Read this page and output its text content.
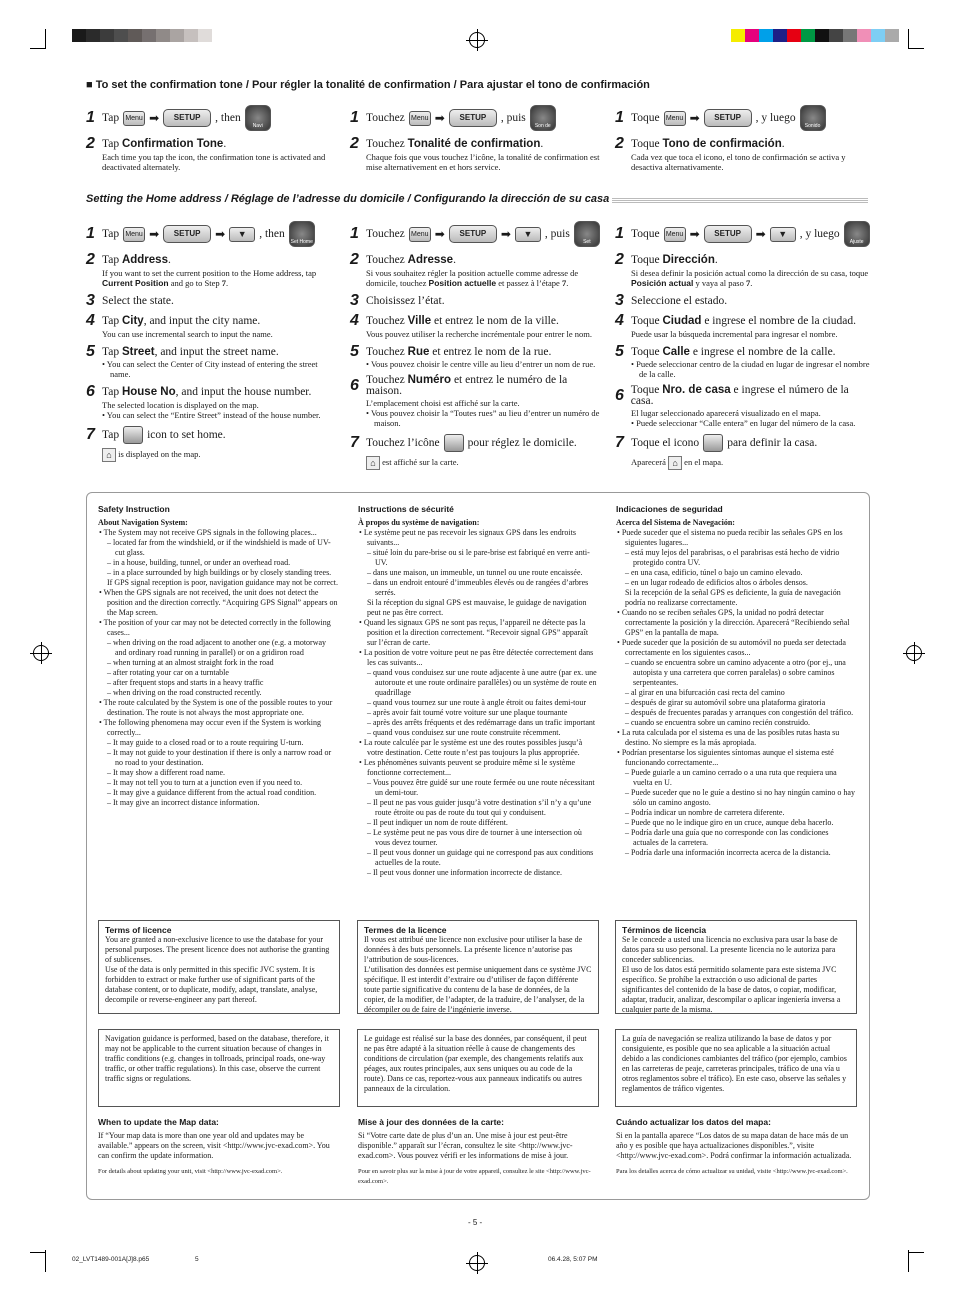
■ To set the confirmation tone / Pour régler la tonalité de confirmation / Para ajustar el tono de confirmación
1 Tap Menu ➡	SETUP	, then
Navi Sound
2 Tap Confirmation Tone.
Each time you tap the icon, the confirmation tone is activated and deactivated alternately.
1 Touchez Menu ➡	SETUP	, puis
Son de navigation
2 Touchez Tonalité de confirmation.
Chaque fois que vous touchez l’icône, la tonalité de confirmation est mise alternativement en et hors service.
1 Toque Menu ➡	SETUP	, y luego
Sonido Navi
2 Toque Tono de confirmación.
Cada vez que toca el icono, el tono de confirmación se activa y desactiva alternativamente.
Setting the Home address / Réglage de l’adresse du domicile / Configurando la dirección de su casa
1 Tap Menu ➡	SETUP	➡	▼	, then
Set Home
2 Tap Address.
If you want to set the current position to the Home address, tap Current Position and go to Step 7.
3 Select the state.
4 Tap City, and input the city name.
You can use incremental search to input the name.
5 Tap Street, and input the street name.
• You can select the Center of City instead of entering the street name.
6 Tap House No, and input the house number.
The selected location is displayed on the map.
• You can select the “Entire Street” instead of the house number.
7 Tap icon to set home.
⌂ is displayed on the map.
1 Touchez Menu ➡	SETUP	➡	▼	, puis
Set domicile
2 Touchez Adresse.
Si vous souhaitez régler la position actuelle comme adresse de domicile, touchez Position actuelle et passez à l’étape 7.
3 Choisissez l’état.
4 Touchez Ville et entrez le nom de la ville.
Vous pouvez utiliser la recherche incrémentale pour entrer le nom.
5 Touchez Rue et entrez le nom de la rue.
• Vous pouvez choisir le centre ville au lieu d’entrer un nom de rue.
6 Touchez Numéro et entrez le numéro de la maison.
L’emplacement choisi est affiché sur la carte.
• Vous pouvez choisir la “Toutes rues” au lieu d’entrer un numéro de maison.
7 Touchez l’icône pour réglez le domicile.
⌂ est affiché sur la carte.
1 Toque Menu ➡	SETUP	➡	▼	, y luego
Ajuste inicio
2 Toque Dirección.
Si desea definir la posición actual como la dirección de su casa, toque Posición actual y vaya al paso 7.
3 Seleccione el estado.
4 Toque Ciudad e ingrese el nombre de la ciudad.
Puede usar la búsqueda incremental para ingresar el nombre.
5 Toque Calle e ingrese el nombre de la calle.
• Puede seleccionar centro de la ciudad en lugar de ingresar el nombre de la calle.
6 Toque Nro. de casa e ingrese el número de la casa.
El lugar seleccionado aparecerá visualizado en el mapa.
• Puede seleccionar “Calle entera” en lugar del número de la casa.
7 Toque el icono para definir la casa.
Aparecerá ⌂ en el mapa.
Safety Instruction
About Navigation System:
• The System may not receive GPS signals in the following places...
– located far from the windshield, or if the windshield is made of UV-cut glass.
– in a house, building, tunnel, or under an overhead road.
– in a place surrounded by high buildings or by closely standing trees.
If GPS signal reception is poor, navigation guidance may not be correct.
• When the GPS signals are not received, the unit does not detect the position and the direction correctly. “Acquiring GPS Signal” appears on the Map screen.
• The position of your car may not be detected correctly in the following cases...
– when driving on the road adjacent to another one (e.g. a motorway and ordinary road running in parallel) or on a gridiron road
– when turning at an almost straight fork in the road
– after rotating your car on a turntable
– after frequent stops and starts in a heavy traffic
– when driving on the road constructed recently.
• The route calculated by the System is one of the possible routes to your destination. The route is not always the most appropriate one.
• The following phenomena may occur even if the System is working correctly...
– It may guide to a closed road or to a route requiring U-turn.
– It may not guide to your destination if there is only a narrow road or no road to your destination.
– It may show a different road name.
– It may not tell you to turn at a junction even if you need to.
– It may give a guidance different from the actual road condition.
– It may give an incorrect distance information.
Instructions de sécurité
À propos du système de navigation:
• Le système peut ne pas recevoir les signaux GPS dans les endroits suivants...
– situé loin du pare-brise ou si le pare-brise est fabriqué en verre anti-UV.
– dans une maison, un immeuble, un tunnel ou une route encaissée.
– dans un endroit entouré d’immeubles élevés ou de rangées d’arbres serrés.
Si la réception du signal GPS est mauvaise, le guidage de navigation peut ne pas être correct.
• Quand les signaux GPS ne sont pas reçus, l’appareil ne détecte pas la position et la direction correctement. “Recevoir signal GPS” apparaît sur l’écran de carte.
• La position de votre voiture peut ne pas être détectée correctement dans les cas suivants...
– quand vous conduisez sur une route adjacente à une autre (par ex. une autoroute et une route ordinaire parallèles) ou un système de route en quadrillage
– quand vous tournez sur une route à angle étroit ou faites demi-tour
– après avoir fait tourné votre voiture sur une plaque tournante
– après des arrêts fréquents et des redémarrage dans un trafic important
– quand vous conduisez sur une route construite récemment.
• La route calculée par le système est une des routes possibles jusqu’à votre destination. Cette route n’est pas toujours la plus appropriée.
• Les phénomènes suivants peuvent se produire même si le système fonctionne correctement...
– Vous pouvez être guidé sur une route fermée ou une route nécessitant un demi-tour.
– Il peut ne pas vous guider jusqu’à votre destination s’il n’y a qu’une route étroite ou pas de route du tout qui y conduisent.
– Il peut indiquer un nom de route différent.
– Le système peut ne pas vous dire de tourner à une intersection où vous devez tourner.
– Il peut vous donner un guidage qui ne correspond pas aux conditions actuelles de la route.
– Il peut vous donner une information incorrecte de distance.
Indicaciones de seguridad
Acerca del Sistema de Navegación:
• Puede suceder que el sistema no pueda recibir las señales GPS en los siguientes lugares...
– está muy lejos del parabrisas, o el parabrisas está hecho de vidrio protegido contra UV.
– en una casa, edificio, túnel o bajo un camino elevado.
– en un lugar rodeado de edificios altos o árboles densos.
Si la recepción de la señal GPS es deficiente, la guía de navegación podría no realizarse correctamente.
• Cuando no se reciben señales GPS, la unidad no podrá detectar correctamente la posición y la dirección. Aparecerá “Recibiendo señal GPS” en la pantalla de mapa.
• Puede suceder que la posición de su automóvil no pueda ser detectada correctamente en los siguientes casos...
– cuando se encuentra sobre un camino adyacente a otro (por ej., una autopista y una carretera que corren paralelas) o sobre caminos serpenteantes.
– al girar en una bifurcación casi recta del camino
– después de girar su automóvil sobre una plataforma giratoria
– después de frecuentes paradas y arranques con congestión del tráfico.
– cuando se encuentra sobre un camino recién construido.
• La ruta calculada por el sistema es una de las posibles rutas hasta su destino. No siempre es la más apropiada.
• Podrían presentarse los siguientes síntomas aunque el sistema esté funcionando correctamente...
– Puede guiarle a un camino cerrado o a una ruta que requiera una vuelta en U.
– Puede suceder que no le guíe a destino si no hay ningún camino o hay sólo un camino angosto.
– Podría indicar un nombre de carretera diferente.
– Puede que no le indique giro en un cruce, aunque deba hacerlo.
– Podría darle una guía que no corresponde con las condiciones actuales de la carretera.
– Podría darle una información incorrecta acerca de la distancia.
Terms of licence
You are granted a non-exclusive licence to use the database for your personal purposes. The present licence does not authorise the granting of sublicenses.
Use of the data is only permitted in this specific JVC system. It is forbidden to extract or make further use of significant parts of the database content, or to duplicate, modify, adapt, translate, analyse, decompile or reverse-engineer any part thereof.
Termes de la licence
Il vous est attribué une licence non exclusive pour utiliser la base de données à des buts personnels. La présente licence n’autorise pas l’attribution de sous-licences.
L’utilisation des données est permise uniquement dans ce système JVC spécifique. Il est interdit d’extraire ou d’utiliser de façon différente toute partie significative du contenu de la base de données, de la copier, de la modifier, de l’adapter, de la traduire, de l’analyser, de la décompiler ou de faire de l’ingénierie inverse.
Términos de licencia
Se le concede a usted una licencia no exclusiva para usar la base de datos para su uso personal. La presente licencia no le autoriza para conceder sublicencias.
El uso de los datos está permitido solamente para este sistema JVC específico. Se prohíbe la extracción o uso adicional de partes significantes del contenido de la base de datos, o copiar, modificar, adaptar, traducir, analizar, descompilar o aplicar ingeniería inversa a cualquier parte de la misma.
Navigation guidance is performed, based on the database, therefore, it may not be applicable to the current situation because of changes in traffic conditions (e.g. changes in tollroads, principal roads, one-way traffic, or other traffic regulations). In this case, observe the current traffic signs or regulations.
Le guidage est réalisé sur la base des données, par conséquent, il peut ne pas être adapté à la situation réelle à cause de changements des conditions de circulation (par exemple, des changements relatifs aux péages, aux routes principales, aux sens uniques ou au code de la route). Dans ce cas, reportez-vous aux panneaux indicatifs ou autres panneaux de la circulation.
La guía de navegación se realiza utilizando la base de datos y por consiguiente, es posible que no sea aplicable a la situación actual debido a las condiciones cambiantes del tráfico (por ejemplo, cambios en las carreteras de peaje, carreteras principales, tráfico de una vía u otros reglamentos sobre el tráfico). En este caso, observe las señales y reglamentos de tráfico vigentes.
When to update the Map data:
If “Your map data is more than one year old and updates may be available.” appears on the screen, visit <http://www.jvc-exad.com>. You can confirm the update information.
For details about updating your unit, visit <http://www.jvc-exad.com>.
Mise à jour des données de la carte:
Si “Votre carte date de plus d’un an. Une mise à jour est peut-être disponible.” apparaît sur l’écran, consultez le site <http://www.jvc-exad.com>. Vous pouvez vérifi er les informations de mise à jour.
Pour en savoir plus sur la mise à jour de votre appareil, consultez le site <http://www.jvc-exad.com>.
Cuándo actualizar los datos del mapa:
Si en la pantalla aparece “Los datos de su mapa datan de hace más de un año y es posible que haya actualizaciones disponibles.”, visite <http://www.jvc-exad.com>. Podrá confirmar la información actualizada.
Para los detalles acerca de cómo actualizar su unidad, visite <http://www.jvc-exad.com>.
- 5 -
02_LVT1489-001A[J]8.p65	5	06.4.28, 5:07 PM
